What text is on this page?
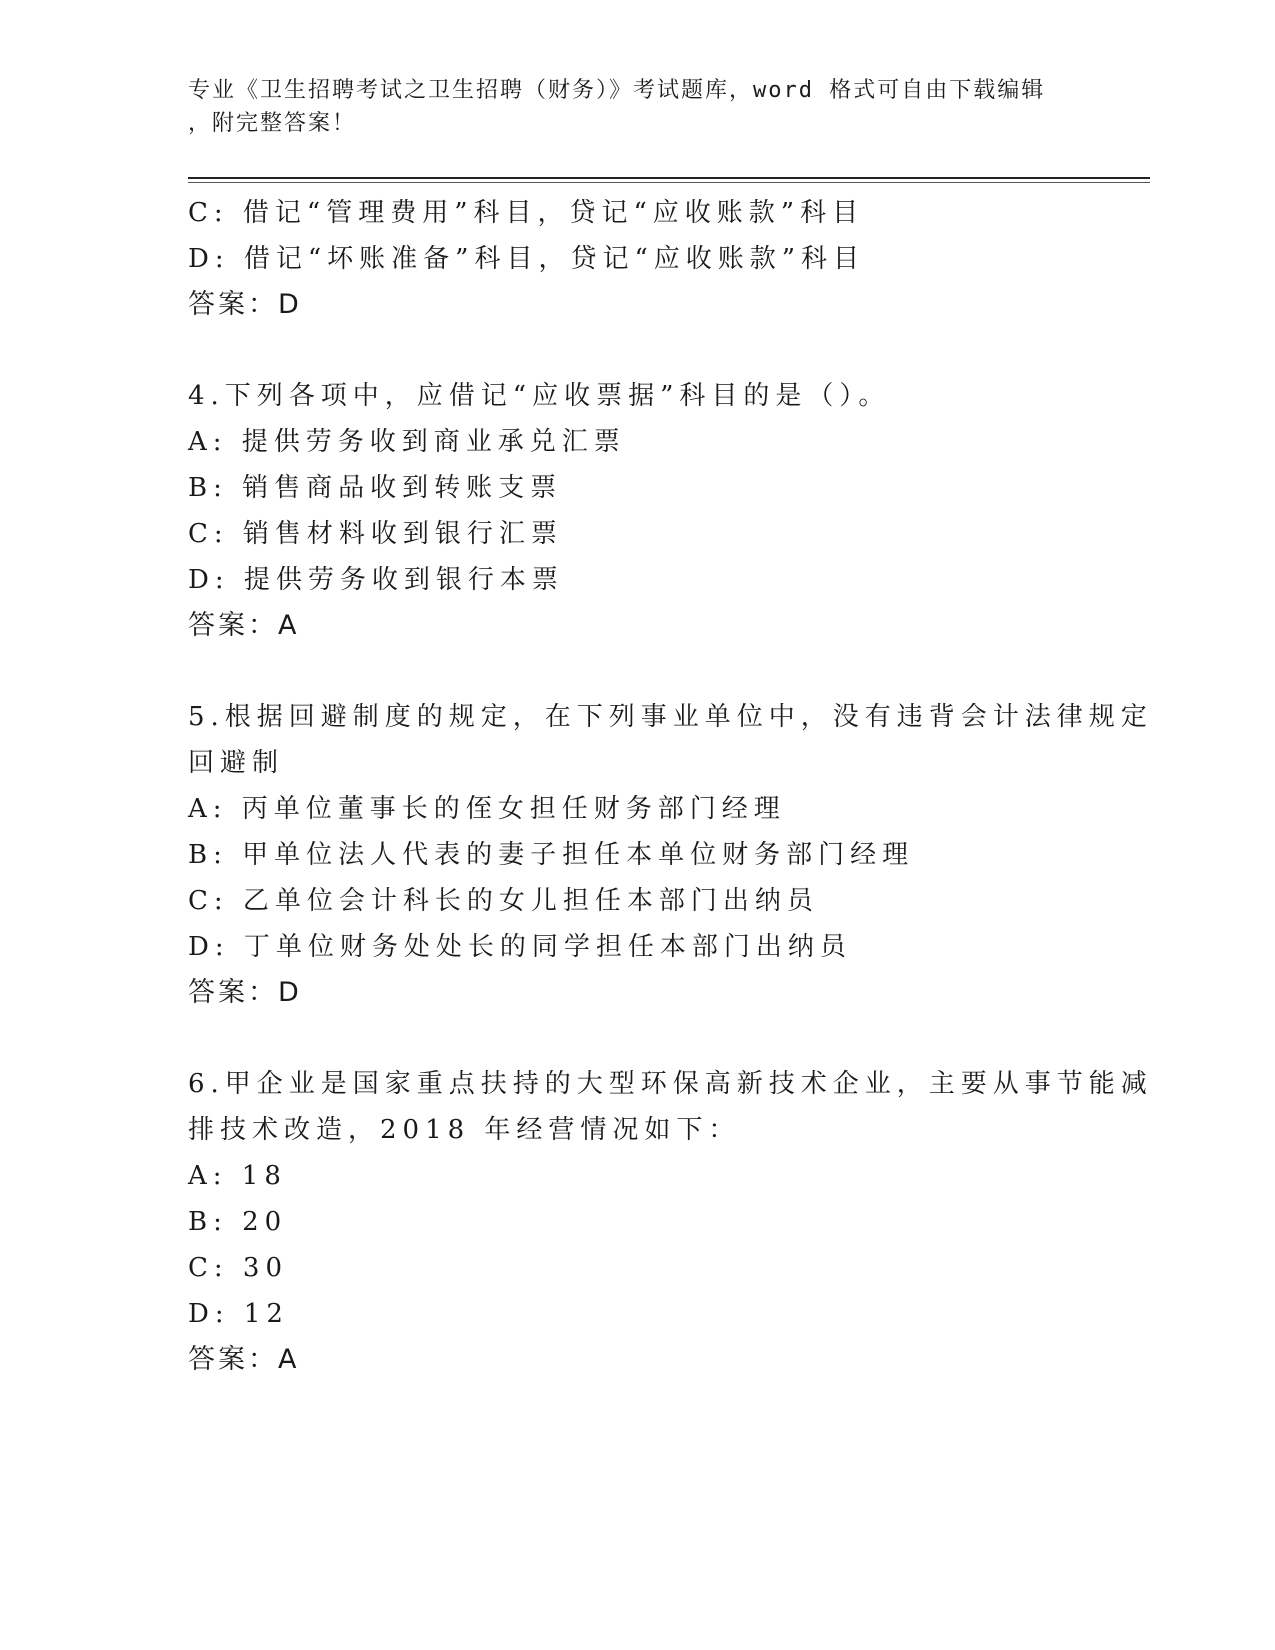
专业《卫生招聘考试之卫生招聘（财务）》考试题库，word 格式可自由下载编辑
，附完整答案！
C: 借记“管理费用”科目，贷记“应收账款”科目
D: 借记“坏账准备”科目，贷记“应收账款”科目
答案：D
4.下列各项中，应借记“应收票据”科目的是（）。
A: 提供劳务收到商业承兑汇票
B: 销售商品收到转账支票
C: 销售材料收到银行汇票
D: 提供劳务收到银行本票
答案：A
5.根据回避制度的规定，在下列事业单位中，没有违背会计法律规定
回避制
A: 丙单位董事长的侄女担任财务部门经理
B: 甲单位法人代表的妻子担任本单位财务部门经理
C: 乙单位会计科长的女儿担任本部门出纳员
D: 丁单位财务处处长的同学担任本部门出纳员
答案：D
6.甲企业是国家重点扶持的大型环保高新技术企业，主要从事节能减
排技术改造，2018 年经营情况如下：
A: 18
B: 20
C: 30
D: 12
答案：A
